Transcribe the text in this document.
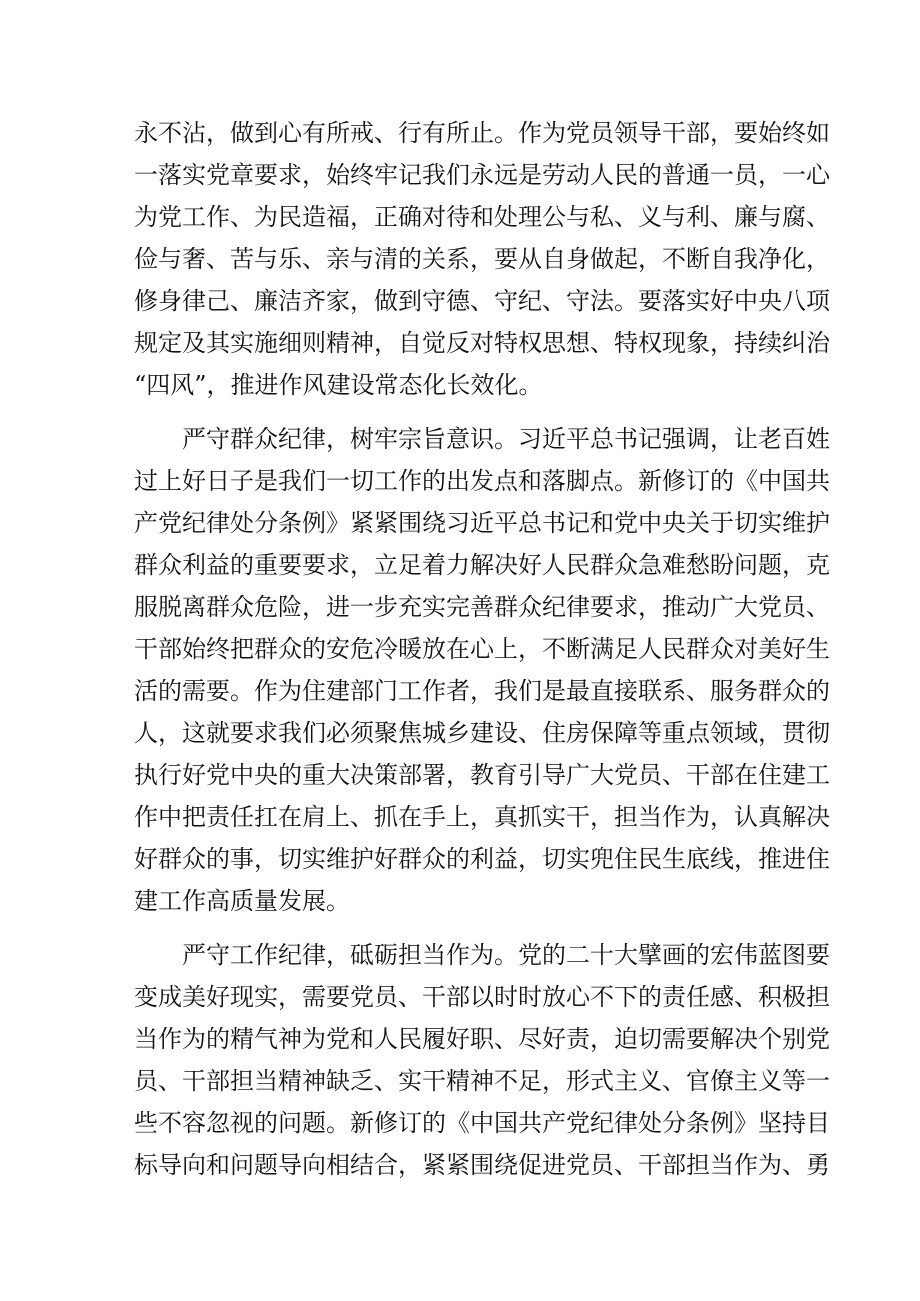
永不沾，做到心有所戒、行有所止。作为党员领导干部，要始终如
一落实党章要求，始终牢记我们永远是劳动人民的普通一员，一心
为党工作、为民造福，正确对待和处理公与私、义与利、廉与腐、
俭与奢、苦与乐、亲与清的关系，要从自身做起，不断自我净化，
修身律己、廉洁齐家，做到守德、守纪、守法。要落实好中央八项
规定及其实施细则精神，自觉反对特权思想、特权现象，持续纠治
“四风”，推进作风建设常态化长效化。
严守群众纪律，树牢宗旨意识。习近平总书记强调，让老百姓
过上好日子是我们一切工作的出发点和落脚点。新修订的《中国共
产党纪律处分条例》紧紧围绕习近平总书记和党中央关于切实维护
群众利益的重要要求，立足着力解决好人民群众急难愁盼问题，克
服脱离群众危险，进一步充实完善群众纪律要求，推动广大党员、
干部始终把群众的安危冷暖放在心上，不断满足人民群众对美好生
活的需要。作为住建部门工作者，我们是最直接联系、服务群众的
人，这就要求我们必须聚焦城乡建设、住房保障等重点领域，贯彻
执行好党中央的重大决策部署，教育引导广大党员、干部在住建工
作中把责任扛在肩上、抓在手上，真抓实干，担当作为，认真解决
好群众的事，切实维护好群众的利益，切实兜住民生底线，推进住
建工作高质量发展。
严守工作纪律，砥砺担当作为。党的二十大擘画的宏伟蓝图要
变成美好现实，需要党员、干部以时时放心不下的责任感、积极担
当作为的精气神为党和人民履好职、尽好责，迫切需要解决个别党
员、干部担当精神缺乏、实干精神不足，形式主义、官僚主义等一
些不容忽视的问题。新修订的《中国共产党纪律处分条例》坚持目
标导向和问题导向相结合，紧紧围绕促进党员、干部担当作为、勇
